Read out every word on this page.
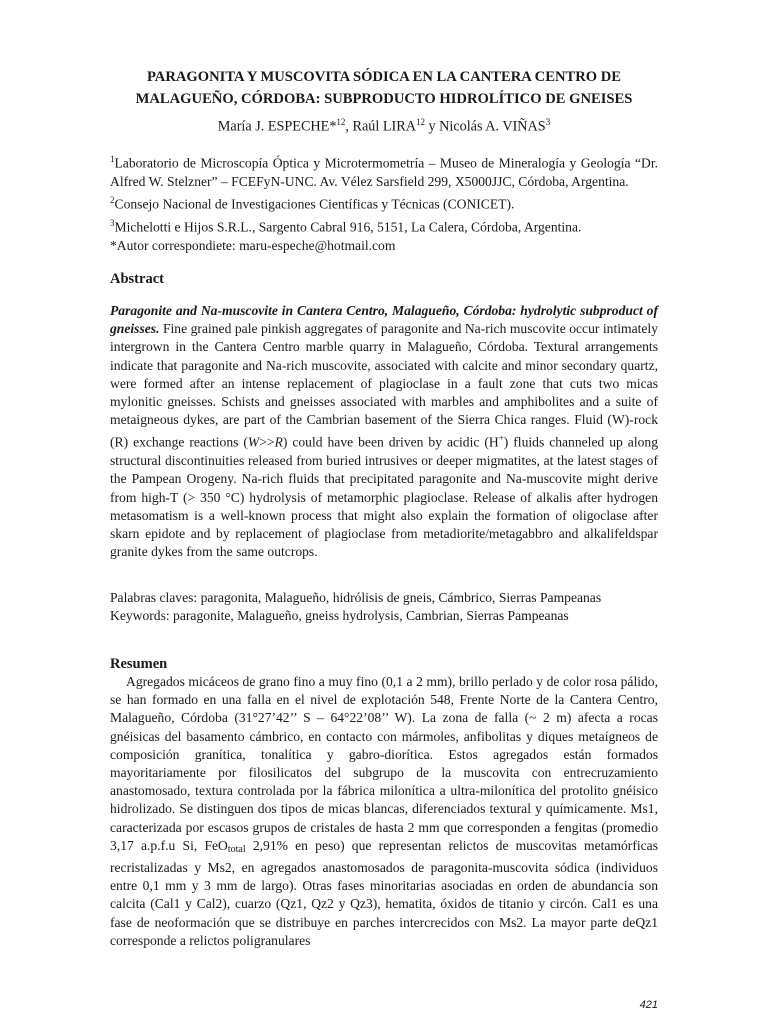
PARAGONITA Y MUSCOVITA SÓDICA EN LA CANTERA CENTRO DE
MALAGUEÑO, CÓRDOBA: SUBPRODUCTO HIDROLÍTICO DE GNEISES
María J. ESPECHE*$^{12}$, Raúl LIRA$^{12}$ y Nicolás A. VIÑAS$^3$

$^1$Laboratorio de Microscopía Óptica y Microtermometría – Museo de Mineralogía y Geología “Dr. Alfred W. Stelzner” – FCEFyN-UNC. Av. Vélez Sarsfield 299, X5000JJC, Córdoba, Argentina.

$^2$Consejo Nacional de Investigaciones Científicas y Técnicas (CONICET).

$^3$Michelotti e Hijos S.R.L., Sargento Cabral 916, 5151, La Calera, Córdoba, Argentina.

*Autor correspondiete: maru-espeche@hotmail.com

Abstract

Paragonite and Na-muscovite in Cantera Centro, Malagueño, Córdoba: hydrolytic subproduct of gneisses. Fine grained pale pinkish aggregates of paragonite and Na-rich muscovite occur intimately intergrown in the Cantera Centro marble quarry in Malagueño, Córdoba. Textural arrangements indicate that paragonite and Na-rich muscovite, associated with calcite and minor secondary quartz, were formed after an intense replacement of plagioclase in a fault zone that cuts two micas mylonitic gneisses. Schists and gneisses associated with marbles and amphibolites and a suite of metaigneous dykes, are part of the Cambrian basement of the Sierra Chica ranges. Fluid (W)-rock (R) exchange reactions (W>>R) could have been driven by acidic (H+) fluids channeled up along structural discontinuities released from buried intrusives or deeper migmatites, at the latest stages of the Pampean Orogeny. Na-rich fluids that precipitated paragonite and Na-muscovite might derive from high-T (> 350 °C) hydrolysis of metamorphic plagioclase. Release of alkalis after hydrogen metasomatism is a well-known process that might also explain the formation of oligoclase after skarn epidote and by replacement of plagioclase from metadiorite/metagabbro and alkalifeldspar granite dykes from the same outcrops.

Palabras claves: paragonita, Malagueño, hidrólisis de gneis, Cámbrico, Sierras Pampeanas

Keywords: paragonite, Malagueño, gneiss hydrolysis, Cambrian, Sierras Pampeanas

Resumen

Agregados micáceos de grano fino a muy fino (0,1 a 2 mm), brillo perlado y de color rosa pálido, se han formado en una falla en el nivel de explotación 548, Frente Norte de la Cantera Centro, Malagueño, Córdoba (31°27’42’’ S – 64°22’08’’ W). La zona de falla (~ 2 m) afecta a rocas gnéisicas del basamento cámbrico, en contacto con mármoles, anfibolitas y diques metaígneos de composición granítica, tonalítica y gabro-diorítica. Estos agregados están formados mayoritariamente por filosilicatos del subgrupo de la muscovita con entrecruzamiento anastomosado, textura controlada por la fábrica milonítica a ultra-milonítica del protolito gnéisico hidrolizado. Se distinguen dos tipos de micas blancas, diferenciados textural y químicamente. Ms1, caracterizada por escasos grupos de cristales de hasta 2 mm que corresponden a fengitas (promedio 3,17 a.p.f.u Si, FeO$_{total}$ 2,91% en peso) que representan relictos de muscovitas metamórficas recristalizadas y Ms2, en agregados anastomosados de paragonita-muscovita sódica (individuos entre 0,1 mm y 3 mm de largo). Otras fases minoritarias asociadas en orden de abundancia son calcita (Cal1 y Cal2), cuarzo (Qz1, Qz2 y Qz3), hematita, óxidos de titanio y circón. Cal1 es una fase de neoformación que se distribuye en parches intercrecidos con Ms2. La mayor parte deQz1 corresponde a relictos poligranulares

421
